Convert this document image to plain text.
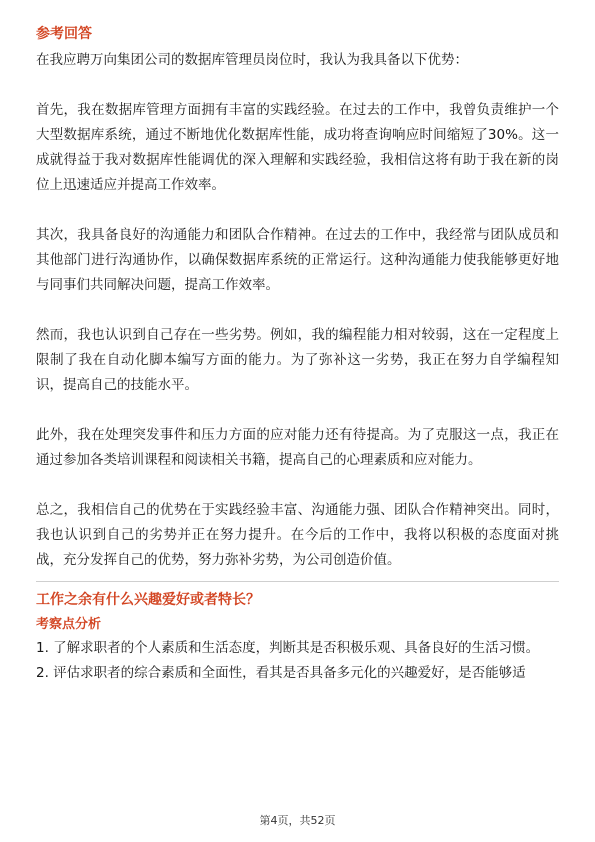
参考回答

在我应聘万向集团公司的数据库管理员岗位时，我认为我具备以下优势：

首先，我在数据库管理方面拥有丰富的实践经验。在过去的工作中，我曾负责维护一个大型数据库系统，通过不断地优化数据库性能，成功将查询响应时间缩短了30%。这一成就得益于我对数据库性能调优的深入理解和实践经验，我相信这将有助于我在新的岗位上迅速适应并提高工作效率。

其次，我具备良好的沟通能力和团队合作精神。在过去的工作中，我经常与团队成员和其他部门进行沟通协作，以确保数据库系统的正常运行。这种沟通能力使我能够更好地与同事们共同解决问题，提高工作效率。

然而，我也认识到自己存在一些劣势。例如，我的编程能力相对较弱，这在一定程度上限制了我在自动化脚本编写方面的能力。为了弥补这一劣势，我正在努力自学编程知识，提高自己的技能水平。

此外，我在处理突发事件和压力方面的应对能力还有待提高。为了克服这一点，我正在通过参加各类培训课程和阅读相关书籍，提高自己的心理素质和应对能力。

总之，我相信自己的优势在于实践经验丰富、沟通能力强、团队合作精神突出。同时，我也认识到自己的劣势并正在努力提升。在今后的工作中，我将以积极的态度面对挑战，充分发挥自己的优势，努力弥补劣势，为公司创造价值。

工作之余有什么兴趣爱好或者特长？
考察点分析

1. 了解求职者的个人素质和生活态度，判断其是否积极乐观、具备良好的生活习惯。

2. 评估求职者的综合素质和全面性，看其是否具备多元化的兴趣爱好，是否能够适

第4页，共52页
